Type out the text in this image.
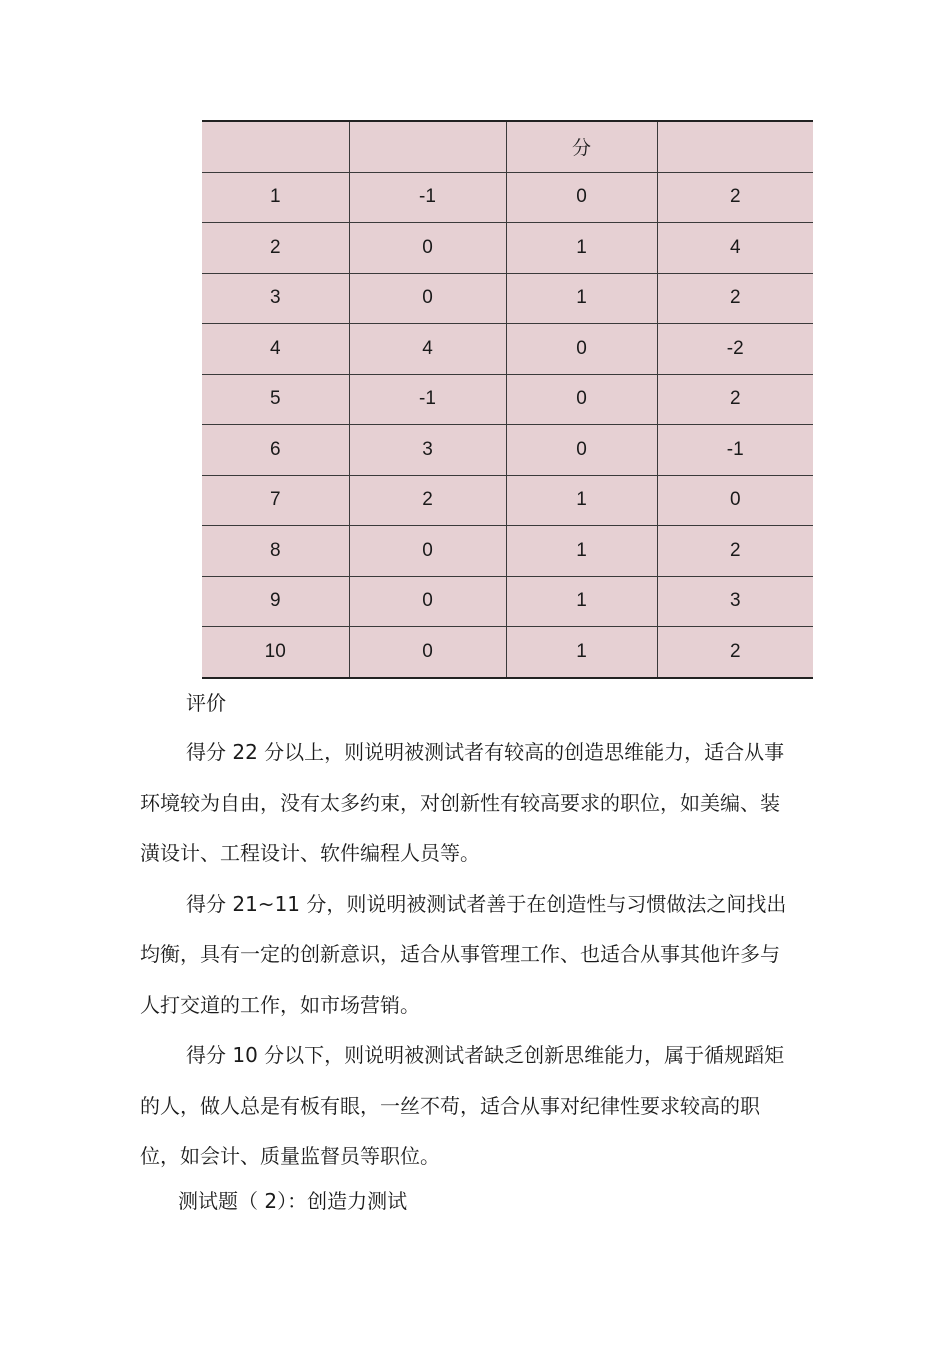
		分	
1	-1	0	2
2	0	1	4
3	0	1	2
4	4	0	-2
5	-1	0	2
6	3	0	-1
7	2	1	0
8	0	1	2
9	0	1	3
10	0	1	2
评价

得分 22 分以上，则说明被测试者有较高的创造思维能力，适合从事环境较为自由，没有太多约束，对创新性有较高要求的职位，如美编、装潢设计、工程设计、软件编程人员等。

得分 21~11 分，则说明被测试者善于在创造性与习惯做法之间找出均衡，具有一定的创新意识，适合从事管理工作、也适合从事其他许多与人打交道的工作，如市场营销。

得分 10 分以下，则说明被测试者缺乏创新思维能力，属于循规蹈矩的人，做人总是有板有眼，一丝不苟，适合从事对纪律性要求较高的职位，如会计、质量监督员等职位。

测试题（ 2）：创造力测试
